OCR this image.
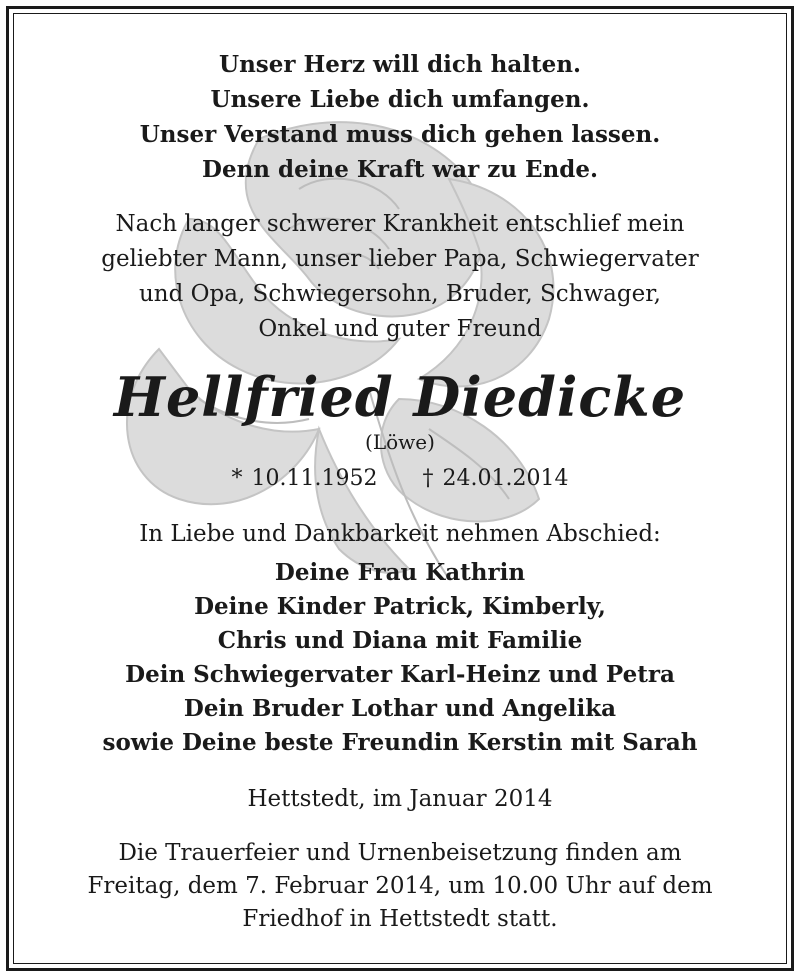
Unser Herz will dich halten.
Unsere Liebe dich umfangen.
Unser Verstand muss dich gehen lassen.
Denn deine Kraft war zu Ende.
Nach langer schwerer Krankheit entschlief mein
geliebter Mann, unser lieber Papa, Schwiegervater
und Opa, Schwiegersohn, Bruder, Schwager,
Onkel und guter Freund
Hellfried Diedicke
(Löwe)
* 10.11.1952 † 24.01.2014
In Liebe und Dankbarkeit nehmen Abschied:
Deine Frau Kathrin
Deine Kinder Patrick, Kimberly,
Chris und Diana mit Familie
Dein Schwiegervater Karl-Heinz und Petra
Dein Bruder Lothar und Angelika
sowie Deine beste Freundin Kerstin mit Sarah
Hettstedt, im Januar 2014
Die Trauerfeier und Urnenbeisetzung finden am
Freitag, dem 7. Februar 2014, um 10.00 Uhr auf dem
Friedhof in Hettstedt statt.
